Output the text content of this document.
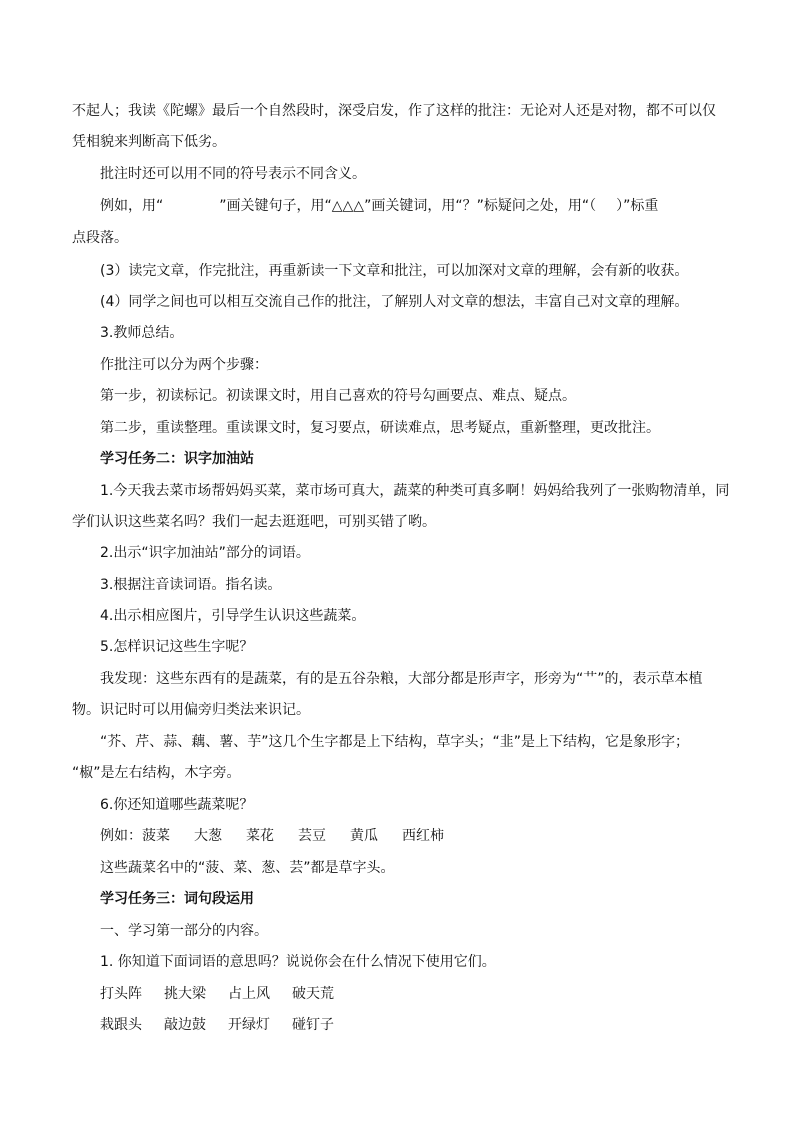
不起人；我读《陀螺》最后一个自然段时，深受启发，作了这样的批注：无论对人还是对物，都不可以仅
凭相貌来判断高下低劣。
批注时还可以用不同的符号表示不同含义。
例如，用“	”画关键句子，用“△△△”画关键词，用“？”标疑问之处，用“（ ）”标重
点段落。
(3）读完文章，作完批注，再重新读一下文章和批注，可以加深对文章的理解，会有新的收获。
(4）同学之间也可以相互交流自己作的批注，了解别人对文章的想法，丰富自己对文章的理解。
3.教师总结。
作批注可以分为两个步骤：
第一步，初读标记。初读课文时，用自己喜欢的符号勾画要点、难点、疑点。
第二步，重读整理。重读课文时，复习要点，研读难点，思考疑点，重新整理，更改批注。
学习任务二：识字加油站
1.今天我去菜市场帮妈妈买菜，菜市场可真大，蔬菜的种类可真多啊！妈妈给我列了一张购物清单，同
学们认识这些菜名吗？我们一起去逛逛吧，可别买错了哟。
2.出示“识字加油站”部分的词语。
3.根据注音读词语。指名读。
4.出示相应图片，引导学生认识这些蔬菜。
5.怎样识记这些生字呢？
我发现：这些东西有的是蔬菜，有的是五谷杂粮，大部分都是形声字，形旁为“艹”的，表示草本植
物。识记时可以用偏旁归类法来识记。
“芥、芹、蒜、藕、薯、芋”这几个生字都是上下结构，草字头；“韭”是上下结构，它是象形字；
“椒”是左右结构，木字旁。
6.你还知道哪些蔬菜呢？
例如：菠菜 大葱 菜花 芸豆 黄瓜 西红柿
这些蔬菜名中的“菠、菜、葱、芸”都是草字头。
学习任务三：词句段运用
一、学习第一部分的内容。
1. 你知道下面词语的意思吗？说说你会在什么情况下使用它们。
打头阵 挑大梁 占上风 破天荒
栽跟头 敲边鼓 开绿灯 碰钉子
